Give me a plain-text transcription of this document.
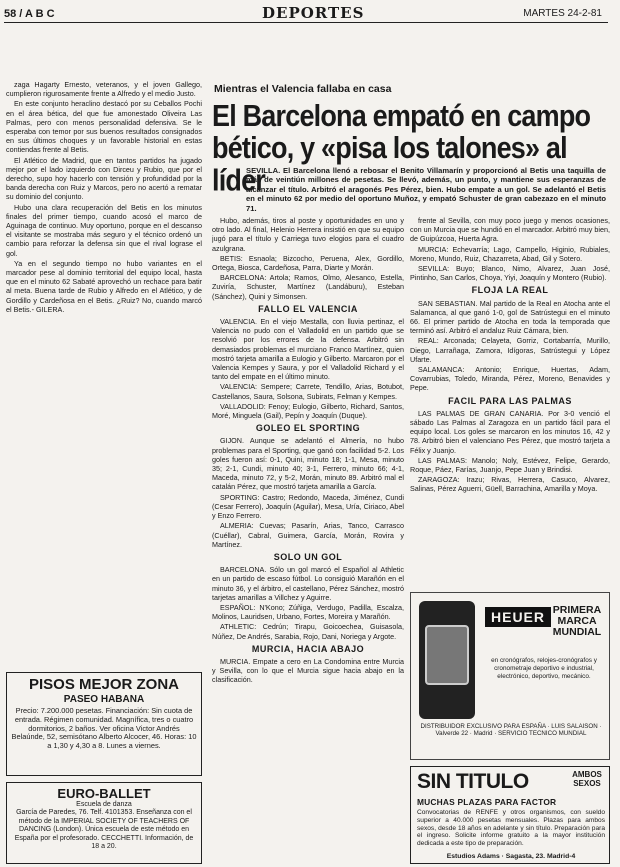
58 / A B C	DEPORTES	MARTES 24-2-81

zaga Hagarty Ernesto, veteranos, y el joven Gallego, cumplieron rigurosamente frente a Alfredo y el medio Justo.

En este conjunto heraclino destacó por su Ceballos Pochi en el área bética, del que fue amonestado Oliveira Las Palmas, pero con menos personalidad defensiva. Se le esperaba con temor por sus buenos resultados consignados en sus últimos choques y un favorable historial en estas contiendas frente al Betis.

El Atlético de Madrid, que en tantos partidos ha jugado mejor por el lado izquierdo con Dirceu y Rubio, que por el derecho, supo hoy hacerlo con tensión y profundidad por la banda derecha con Ruiz y Marcos, pero no acertó a rematar su dominio del conjunto.

Hubo una clara recuperación del Betis en los minutos finales del primer tiempo, cuando acosó el marco de Aguinaga de continuo. Muy oportuno, porque en el descanso el visitante se mostraba más seguro y el técnico ordenó un cambio para reforzar la defensa sin que el rival lograse el gol.

Ya en el segundo tiempo no hubo variantes en el marcador pese al dominio territorial del equipo local, hasta que en el minuto 62 Sabaté aprovechó un rechace para batir al meta. Buena tarde de Rubio y Alfredo en el Atlético, y de Gordillo y Cardeñosa en el Betis. ¿Ruiz? No, cuando marcó el Betis.- GILERA.

PISOS MEJOR ZONA
PASEO HABANA
Precio: 7.200.000 pesetas. Financiación: Sin cuota de entrada. Régimen comunidad. Magnífica, tres o cuatro dormitorios, 2 baños. Ver oficina Victor Andrés Belaúnde, 52, semisótano Alberto Alcocer, 46. Horas: 10 a 1,30 y 4,30 a 8. Lunes a viernes.
EURO-BALLET
Escuela de danza
García de Paredes, 76. Telf. 4101353. Enseñanza con el método de la IMPERIAL SOCIETY OF TEACHERS OF DANCING (London). Única escuela de este método en España por el profesorado. CECCHETTI. Información, de 18 a 20.
Mientras el Valencia fallaba en casa
El Barcelona empató en campo bético, y «pisa los talones» al líder
SEVILLA. El Barcelona llenó a rebosar el Benito Villamarín y proporcionó al Betis una taquilla de más de veintiún millones de pesetas. Se llevó, además, un punto, y mantiene sus esperanzas de alcanzar el título. Arbitró el aragonés Pes Pérez, bien. Hubo empate a un gol. Se adelantó el Betis en el minuto 62 por medio del oportuno Muñoz, y empató Schuster de gran cabezazo en el minuto 71.

Hubo, además, tiros al poste y oportunidades en uno y otro lado. Al final, Helenio Herrera insistió en que su equipo jugó para el título y Carriega tuvo elogios para el cuadro azulgrana.

BETIS: Esnaola; Bizcocho, Peruena, Alex, Gordillo, Ortega, Biosca, Cardeñosa, Parra, Diarte y Morán.

BARCELONA: Artola; Ramos, Olmo, Alesanco, Estella, Zuviría, Schuster, Martínez (Landáburu), Esteban (Sánchez), Quini y Simonsen.

FALLO EL VALENCIA

VALENCIA. En el viejo Mestalla, con lluvia pertinaz, el Valencia no pudo con el Valladolid en un partido que se resolvió por los errores de la defensa. Arbitró sin demasiados problemas el murciano Franco Martínez, quien mostró tarjeta amarilla a Eulogio y Gilberto. Marcaron por el Valencia Kempes y Saura, y por el Valladolid Richard y el tanto del empate en el último minuto.

VALENCIA: Sempere; Carrete, Tendillo, Arias, Botubot, Castellanos, Saura, Solsona, Subirats, Felman y Kempes.

VALLADOLID: Fenoy; Eulogio, Gilberto, Richard, Santos, Moré, Minguela (Gail), Pepín y Joaquín (Duque).

GOLEO EL SPORTING

GIJON. Aunque se adelantó el Almería, no hubo problemas para el Sporting, que ganó con facilidad 5-2. Los goles fueron así: 0-1, Quini, minuto 18; 1-1, Mesa, minuto 35; 2-1, Cundi, minuto 40; 3-1, Ferrero, minuto 66; 4-1, Maceda, minuto 72, y 5-2, Morán, minuto 89. Arbitró mal el catalán Pérez, que mostró tarjeta amarilla a García.

SPORTING: Castro; Redondo, Maceda, Jiménez, Cundi (Cesar Ferrero), Joaquín (Aguilar), Mesa, Uría, Ciriaco, Abel y Enzo Ferrero.

ALMERIA: Cuevas; Pasarín, Arias, Tanco, Carrasco (Cuéllar), Cabral, Guimera, García, Morán, Rovira y Martínez.

SOLO UN GOL

BARCELONA. Sólo un gol marcó el Español al Athletic en un partido de escaso fútbol. Lo consiguió Marañón en el minuto 36, y el árbitro, el castellano, Pérez Sánchez, mostró tarjetas amarillas a Villchez y Aguirre.

ESPAÑOL: N'Kono; Zúñiga, Verdugo, Padilla, Escalza, Molinos, Lauridsen, Urbano, Fortes, Moreira y Marañón.

ATHLETIC: Cedrún; Tirapu, Goicoechea, Guisasola, Núñez, De Andrés, Sarabia, Rojo, Dani, Noriega y Argote.

MURCIA, HACIA ABAJO

MURCIA. Empate a cero en La Condomina entre Murcia y Sevilla, con lo que el Murcia sigue hacia abajo en la clasificación.

frente al Sevilla, con muy poco juego y menos ocasiones, con un Murcia que se hundió en el marcador. Arbitró muy bien, de Guipúzcoa, Huerta Agra.

MURCIA: Echevarría; Lago, Campello, Higinio, Rubiales, Moreno, Mundo, Ruiz, Chazarreta, Abad, Gil y Sotero.

SEVILLA: Buyo; Blanco, Nimo, Alvarez, Juan José, Pintinho, San Carlos, Choya, Yiyi, Joaquín y Montero (Rubio).

FLOJA LA REAL

SAN SEBASTIAN. Mal partido de la Real en Atocha ante el Salamanca, al que ganó 1-0, gol de Satrústegui en el minuto 66. El primer partido de Atocha en toda la temporada que terminó así. Arbitró el andaluz Ruiz Cámara, bien.

REAL: Arconada; Celayeta, Gorriz, Cortabarría, Murillo, Diego, Larrañaga, Zamora, Idígoras, Satrústegui y López Ufarte.

SALAMANCA: Antonio; Enrique, Huertas, Adam, Covarrubias, Toledo, Miranda, Pérez, Moreno, Benavides y Pepe.

FACIL PARA LAS PALMAS

LAS PALMAS DE GRAN CANARIA. Por 3-0 venció el sábado Las Palmas al Zaragoza en un partido fácil para el equipo local. Los goles se marcaron en los minutos 16, 42 y 78. Arbitró bien el valenciano Pes Pérez, que mostró tarjeta a Félix y Juanjo.

LAS PALMAS: Manolo; Noly, Estévez, Felipe, Gerardo, Roque, Páez, Farías, Juanjo, Pepe Juan y Brindisi.

ZARAGOZA: Irazu; Rivas, Herrera, Casuco, Alvarez, Salinas, Pérez Aguerri, Güell, Barrachina, Amarilla y Moya.

HEUER PRIMERA MARCA MUNDIAL
en cronógrafos, relojes-cronógrafos y cronometraje deportivo e industrial, electrónico, deportivo, mecánico.
DISTRIBUIDOR EXCLUSIVO PARA ESPAÑA · LUIS SALAISON · Valverde 22 · Madrid · SERVICIO TECNICO MUNDIAL
SIN TITULO	AMBOS SEXOS
MUCHAS PLAZAS PARA FACTOR
Convocatorias de RENFE y otros organismos, con sueldo superior a 40.000 pesetas mensuales. Plazas para ambos sexos, desde 18 años en adelante y sin título. Preparación para el ingreso. Solicite informe gratuito a la mayor institución dedicada a este tipo de preparación.
Estudios Adams · Sagasta, 23. Madrid-4
